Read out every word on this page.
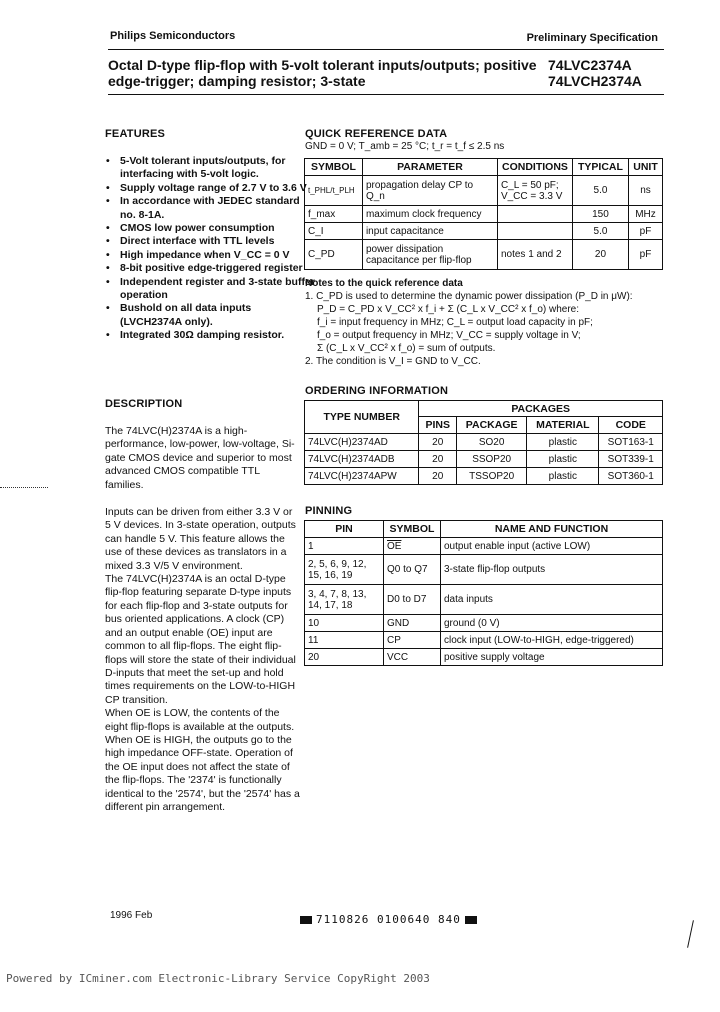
Philips Semiconductors	Preliminary Specification
Octal D-type flip-flop with 5-volt tolerant inputs/outputs; positive edge-trigger; damping resistor; 3-state
74LVC2374A
74LVCH2374A
FEATURES
• 5-Volt tolerant inputs/outputs, for interfacing with 5-volt logic.
• Supply voltage range of 2.7 V to 3.6 V
• In accordance with JEDEC standard no. 8-1A.
• CMOS low power consumption
• Direct interface with TTL levels
• High impedance when V_CC = 0 V
• 8-bit positive edge-triggered register
• Independent register and 3-state buffer operation
• Bushold on all data inputs (LVCH2374A only).
• Integrated 30Ω damping resistor.
DESCRIPTION

The 74LVC(H)2374A is a high-performance, low-power, low-voltage, Si-gate CMOS device and superior to most advanced CMOS compatible TTL families.

Inputs can be driven from either 3.3 V or 5 V devices. In 3-state operation, outputs can handle 5 V. This feature allows the use of these devices as translators in a mixed 3.3 V/5 V environment.

The 74LVC(H)2374A is an octal D-type flip-flop featuring separate D-type inputs for each flip-flop and 3-state outputs for bus oriented applications. A clock (CP) and an output enable (OE) input are common to all flip-flops. The eight flip-flops will store the state of their individual D-inputs that meet the set-up and hold times requirements on the LOW-to-HIGH CP transition.

When OE is LOW, the contents of the eight flip-flops is available at the outputs. When OE is HIGH, the outputs go to the high impedance OFF-state. Operation of the OE input does not affect the state of the flip-flops. The '2374' is functionally identical to the '2574', but the '2574' has a different pin arrangement.

QUICK REFERENCE DATA
GND = 0 V; T_amb = 25 °C; t_r = t_f ≤ 2.5 ns
SYMBOL	PARAMETER	CONDITIONS	TYPICAL	UNIT
t_PHL/t_PLH	propagation delay CP to Q_n	C_L = 50 pF; V_CC = 3.3 V	5.0	ns
f_max	maximum clock frequency		150	MHz
C_I	input capacitance		5.0	pF
C_PD	power dissipation capacitance per flip-flop	notes 1 and 2	20	pF
Notes to the quick reference data
1. C_PD is used to determine the dynamic power dissipation (P_D in μW):
P_D = C_PD x V_CC² x f_i + Σ (C_L x V_CC² x f_o) where:
f_i = input frequency in MHz; C_L = output load capacity in pF;
f_o = output frequency in MHz; V_CC = supply voltage in V;
Σ (C_L x V_CC² x f_o) = sum of outputs.
2. The condition is V_I = GND to V_CC.
ORDERING INFORMATION
TYPE NUMBER	PACKAGES			
	PINS	PACKAGE	MATERIAL	CODE
74LVC(H)2374AD	20	SO20	plastic	SOT163-1
74LVC(H)2374ADB	20	SSOP20	plastic	SOT339-1
74LVC(H)2374APW	20	TSSOP20	plastic	SOT360-1
PINNING
PIN	SYMBOL	NAME AND FUNCTION
1	$\overline{OE}$	output enable input (active LOW)
2, 5, 6, 9, 12, 15, 16, 19	Q0 to Q7	3-state flip-flop outputs
3, 4, 7, 8, 13, 14, 17, 18	D0 to D7	data inputs
10	GND	ground (0 V)
11	CP	clock input (LOW-to-HIGH, edge-triggered)
20	VCC	positive supply voltage
1996 Feb	7110826 0100640 840
Powered by ICminer.com Electronic-Library Service CopyRight 2003
